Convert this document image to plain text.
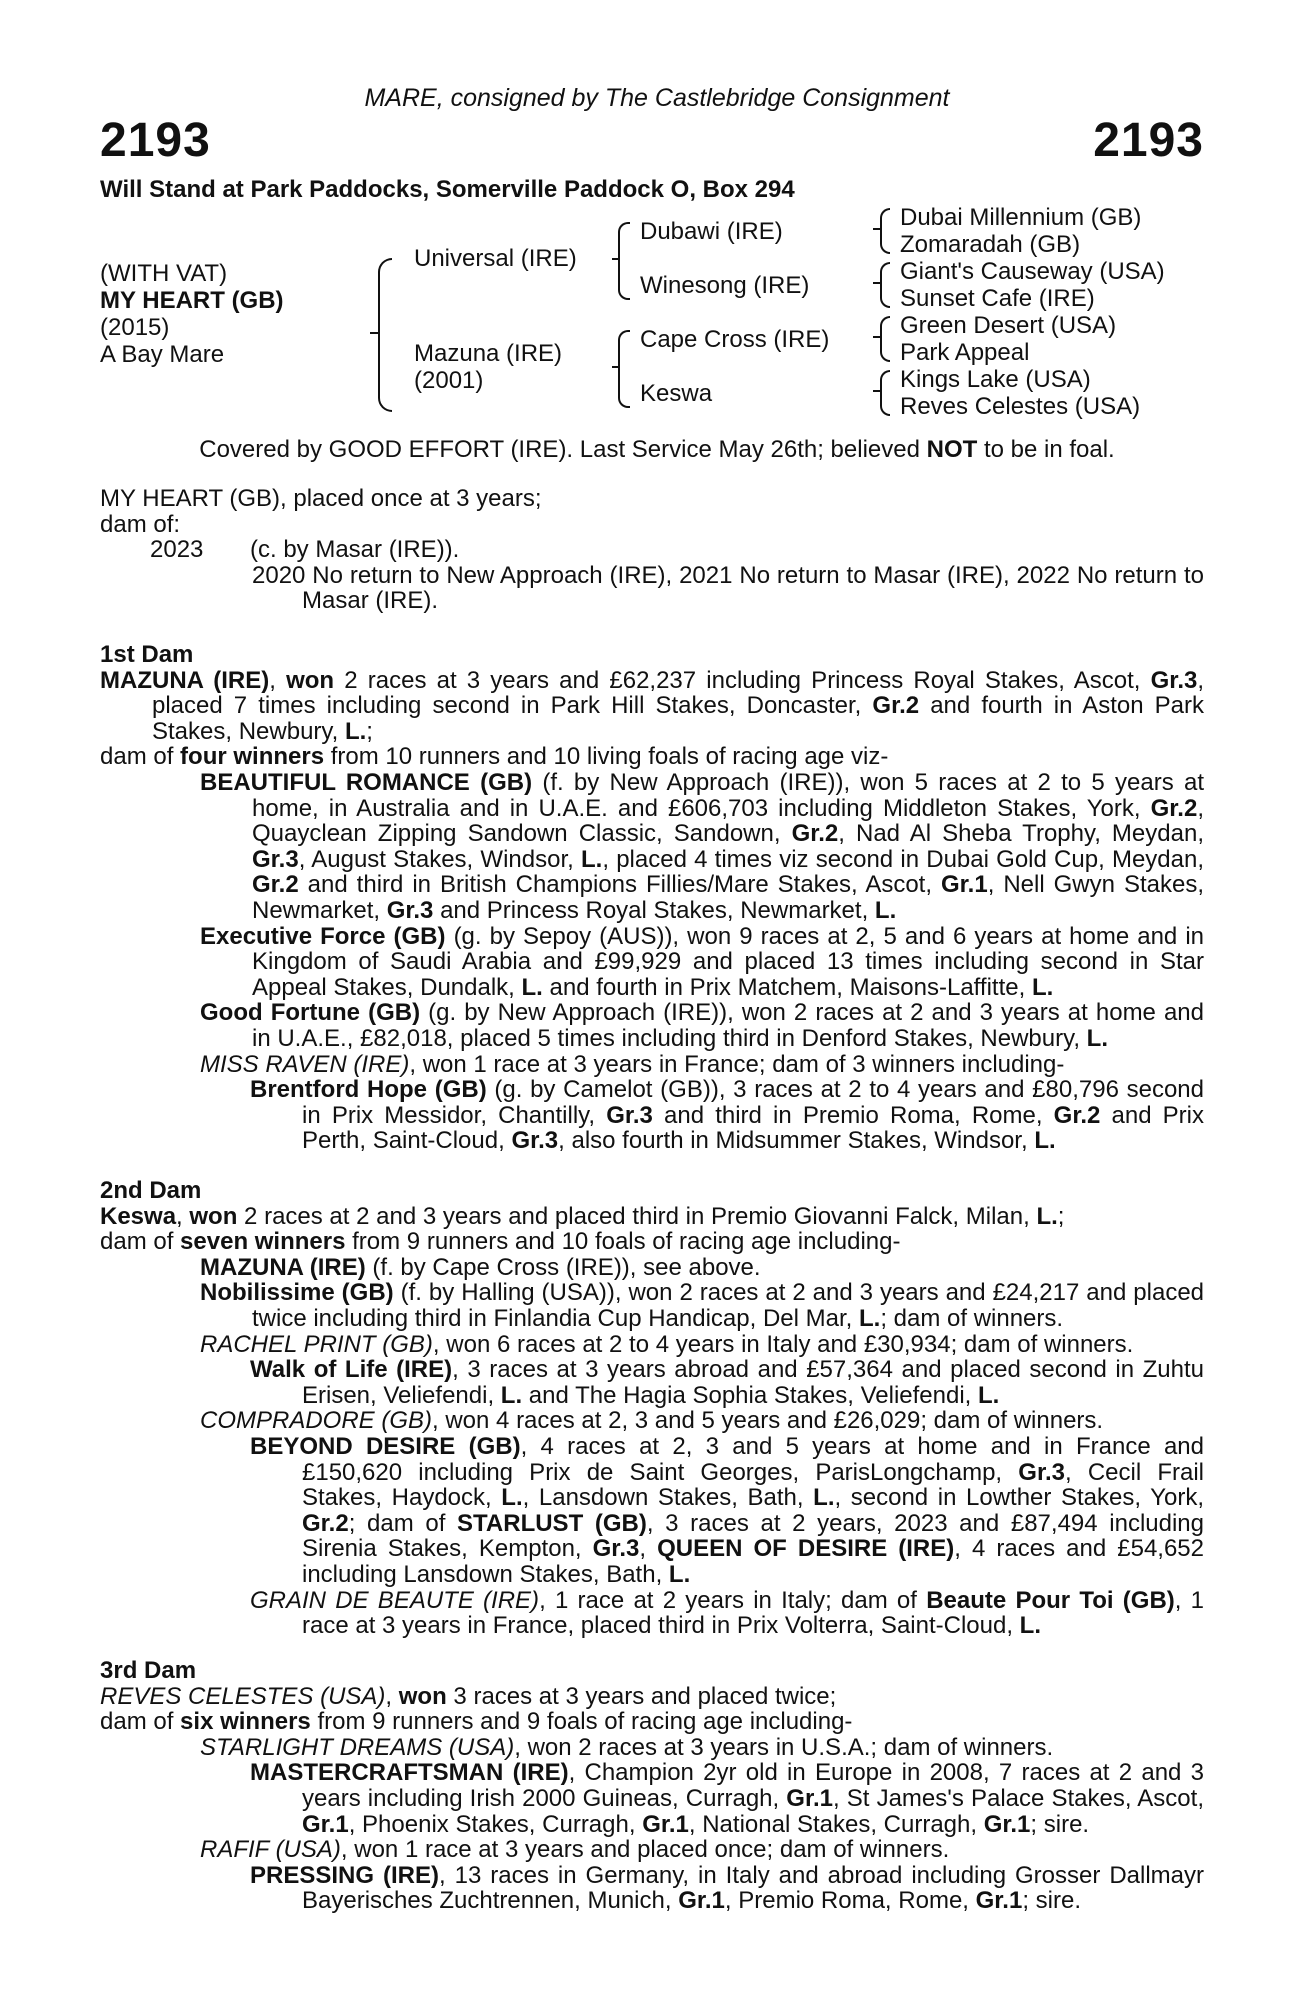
MARE, consigned by The Castlebridge Consignment
2193	2193
Will Stand at Park Paddocks, Somerville Paddock O, Box 294
(WITH VAT)
MY HEART (GB)
(2015)
A Bay Mare
Universal (IRE)
Mazuna (IRE)
(2001)
Dubawi (IRE)
Winesong (IRE)
Cape Cross (IRE)
Keswa
Dubai Millennium (GB)
Zomaradah (GB)
Giant's Causeway (USA)
Sunset Cafe (IRE)
Green Desert (USA)
Park Appeal
Kings Lake (USA)
Reves Celestes (USA)
Covered by GOOD EFFORT (IRE). Last Service May 26th; believed NOT to be in foal.
MY HEART (GB), placed once at 3 years;
dam of:
2023	(c. by Masar (IRE)).
2020 No return to New Approach (IRE), 2021 No return to Masar (IRE), 2022 No return to Masar (IRE).
1st Dam
MAZUNA (IRE), won 2 races at 3 years and £62,237 including Princess Royal Stakes, Ascot, Gr.3, placed 7 times including second in Park Hill Stakes, Doncaster, Gr.2 and fourth in Aston Park Stakes, Newbury, L.;
dam of four winners from 10 runners and 10 living foals of racing age viz-
BEAUTIFUL ROMANCE (GB) (f. by New Approach (IRE)), won 5 races at 2 to 5 years at home, in Australia and in U.A.E. and £606,703 including Middleton Stakes, York, Gr.2, Quayclean Zipping Sandown Classic, Sandown, Gr.2, Nad Al Sheba Trophy, Meydan, Gr.3, August Stakes, Windsor, L., placed 4 times viz second in Dubai Gold Cup, Meydan, Gr.2 and third in British Champions Fillies/Mare Stakes, Ascot, Gr.1, Nell Gwyn Stakes, Newmarket, Gr.3 and Princess Royal Stakes, Newmarket, L.
Executive Force (GB) (g. by Sepoy (AUS)), won 9 races at 2, 5 and 6 years at home and in Kingdom of Saudi Arabia and £99,929 and placed 13 times including second in Star Appeal Stakes, Dundalk, L. and fourth in Prix Matchem, Maisons-Laffitte, L.
Good Fortune (GB) (g. by New Approach (IRE)), won 2 races at 2 and 3 years at home and in U.A.E., £82,018, placed 5 times including third in Denford Stakes, Newbury, L.
MISS RAVEN (IRE), won 1 race at 3 years in France; dam of 3 winners including-
Brentford Hope (GB) (g. by Camelot (GB)), 3 races at 2 to 4 years and £80,796 second in Prix Messidor, Chantilly, Gr.3 and third in Premio Roma, Rome, Gr.2 and Prix Perth, Saint-Cloud, Gr.3, also fourth in Midsummer Stakes, Windsor, L.
2nd Dam
Keswa, won 2 races at 2 and 3 years and placed third in Premio Giovanni Falck, Milan, L.;
dam of seven winners from 9 runners and 10 foals of racing age including-
MAZUNA (IRE) (f. by Cape Cross (IRE)), see above.
Nobilissime (GB) (f. by Halling (USA)), won 2 races at 2 and 3 years and £24,217 and placed twice including third in Finlandia Cup Handicap, Del Mar, L.; dam of winners.
RACHEL PRINT (GB), won 6 races at 2 to 4 years in Italy and £30,934; dam of winners.
Walk of Life (IRE), 3 races at 3 years abroad and £57,364 and placed second in Zuhtu Erisen, Veliefendi, L. and The Hagia Sophia Stakes, Veliefendi, L.
COMPRADORE (GB), won 4 races at 2, 3 and 5 years and £26,029; dam of winners.
BEYOND DESIRE (GB), 4 races at 2, 3 and 5 years at home and in France and £150,620 including Prix de Saint Georges, ParisLongchamp, Gr.3, Cecil Frail Stakes, Haydock, L., Lansdown Stakes, Bath, L., second in Lowther Stakes, York, Gr.2; dam of STARLUST (GB), 3 races at 2 years, 2023 and £87,494 including Sirenia Stakes, Kempton, Gr.3, QUEEN OF DESIRE (IRE), 4 races and £54,652 including Lansdown Stakes, Bath, L.
GRAIN DE BEAUTE (IRE), 1 race at 2 years in Italy; dam of Beaute Pour Toi (GB), 1 race at 3 years in France, placed third in Prix Volterra, Saint-Cloud, L.
3rd Dam
REVES CELESTES (USA), won 3 races at 3 years and placed twice;
dam of six winners from 9 runners and 9 foals of racing age including-
STARLIGHT DREAMS (USA), won 2 races at 3 years in U.S.A.; dam of winners.
MASTERCRAFTSMAN (IRE), Champion 2yr old in Europe in 2008, 7 races at 2 and 3 years including Irish 2000 Guineas, Curragh, Gr.1, St James's Palace Stakes, Ascot, Gr.1, Phoenix Stakes, Curragh, Gr.1, National Stakes, Curragh, Gr.1; sire.
RAFIF (USA), won 1 race at 3 years and placed once; dam of winners.
PRESSING (IRE), 13 races in Germany, in Italy and abroad including Grosser Dallmayr Bayerisches Zuchtrennen, Munich, Gr.1, Premio Roma, Rome, Gr.1; sire.
